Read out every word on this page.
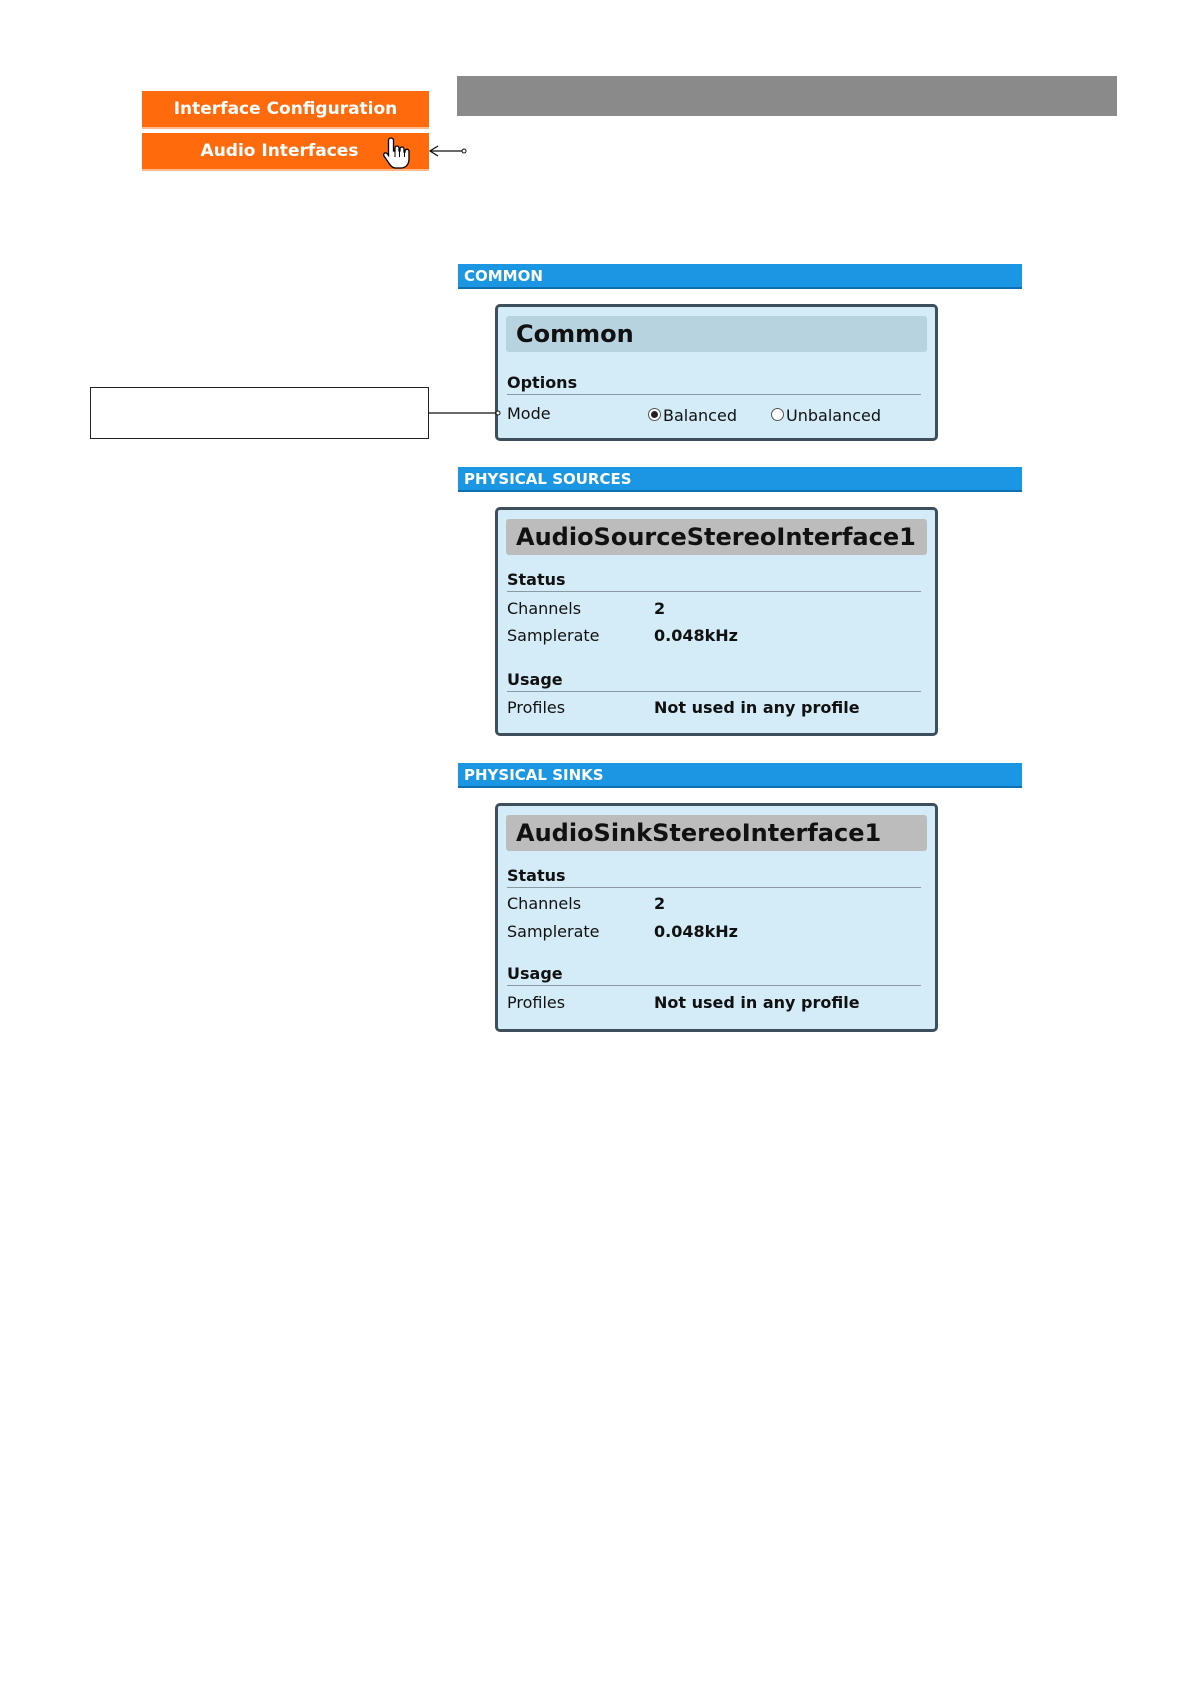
Interface Configuration
Audio Interfaces
COMMON
Common
Options
Mode	Balanced	Unbalanced
PHYSICAL SOURCES
AudioSourceStereoInterface1
Status
Channels	2
Samplerate	0.048kHz
Usage
Profiles	Not used in any profile
PHYSICAL SINKS
AudioSinkStereoInterface1
Status
Channels	2
Samplerate	0.048kHz
Usage
Profiles	Not used in any profile
